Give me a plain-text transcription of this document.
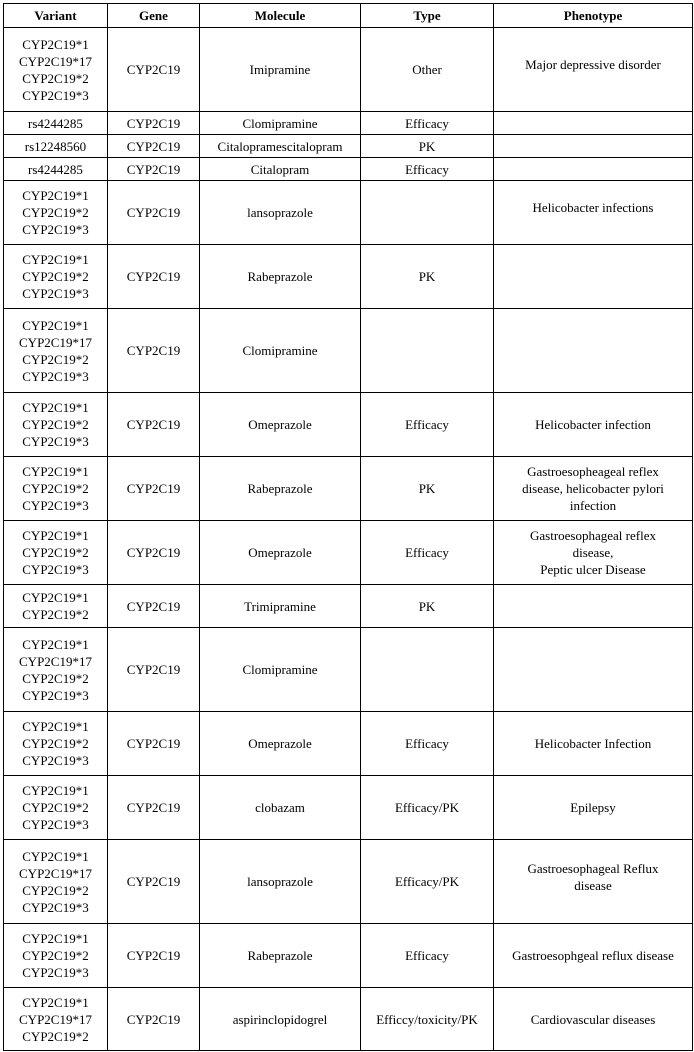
Variant	Gene	Molecule	Type	Phenotype

CYP2C19*1
CYP2C19*17
CYP2C19*2
CYP2C19*3	CYP2C19	Imipramine	Other	Major depressive disorder

rs4244285	CYP2C19	Clomipramine	Efficacy	

rs12248560	CYP2C19	Citalopramescitalopram	PK	

rs4244285	CYP2C19	Citalopram	Efficacy	

CYP2C19*1
CYP2C19*2
CYP2C19*3	CYP2C19	lansoprazole		Helicobacter infections

CYP2C19*1
CYP2C19*2
CYP2C19*3	CYP2C19	Rabeprazole	PK	

CYP2C19*1
CYP2C19*17
CYP2C19*2
CYP2C19*3	CYP2C19	Clomipramine		

CYP2C19*1
CYP2C19*2
CYP2C19*3	CYP2C19	Omeprazole	Efficacy	Helicobacter infection

CYP2C19*1
CYP2C19*2
CYP2C19*3	CYP2C19	Rabeprazole	PK	Gastroesopheageal reflex
disease, helicobacter pylori
infection

CYP2C19*1
CYP2C19*2
CYP2C19*3	CYP2C19	Omeprazole	Efficacy	Gastroesophageal reflex
disease,
Peptic ulcer Disease

CYP2C19*1
CYP2C19*2	CYP2C19	Trimipramine	PK	

CYP2C19*1
CYP2C19*17
CYP2C19*2
CYP2C19*3	CYP2C19	Clomipramine		

CYP2C19*1
CYP2C19*2
CYP2C19*3	CYP2C19	Omeprazole	Efficacy	Helicobacter Infection

CYP2C19*1
CYP2C19*2
CYP2C19*3	CYP2C19	clobazam	Efficacy/PK	Epilepsy

CYP2C19*1
CYP2C19*17
CYP2C19*2
CYP2C19*3	CYP2C19	lansoprazole	Efficacy/PK	Gastroesophageal Reflux
disease

CYP2C19*1
CYP2C19*2
CYP2C19*3	CYP2C19	Rabeprazole	Efficacy	Gastroesophgeal reflux disease

CYP2C19*1
CYP2C19*17
CYP2C19*2	CYP2C19	aspirinclopidogrel	Efficcy/toxicity/PK	Cardiovascular diseases
